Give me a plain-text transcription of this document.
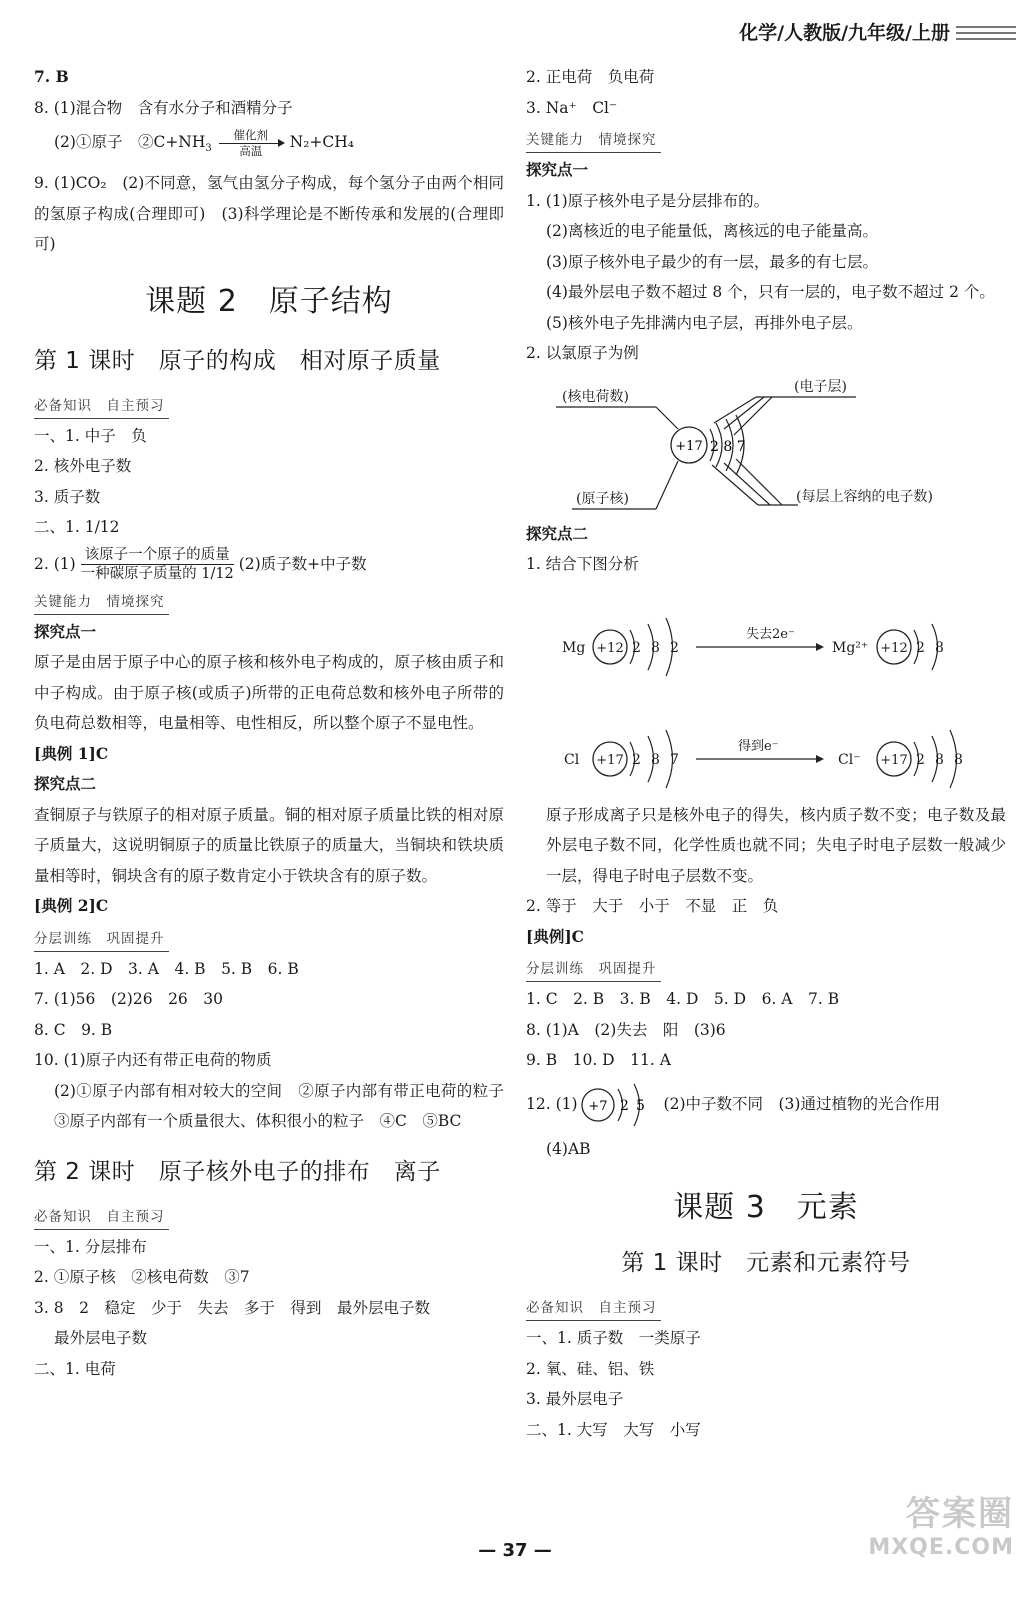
化学/人教版/九年级/上册
7. B
8. (1)混合物　含有水分子和酒精分子
(2)①原子　$②C+NH_3$
催化剂
高温	N₂+CH₄
9. (1)CO₂　(2)不同意，氢气由氢分子构成，每个氢分子由两个相同的氢原子构成(合理即可)　(3)科学理论是不断传承和发展的(合理即可)
课题 2　原子结构
第 1 课时　原子的构成　相对原子质量
必备知识　自主预习
一、1. 中子　负
2. 核外电子数
3. 质子数
二、1. 1/12
2. $(1) \frac{\text{该原子一个原子的质量}}{\text{一种碳原子质量的 1/12}} (2)$质子数+中子数
关键能力　情境探究
探究点一
原子是由居于原子中心的原子核和核外电子构成的，原子核由质子和中子构成。由于原子核(或质子)所带的正电荷总数和核外电子所带的负电荷总数相等，电量相等、电性相反，所以整个原子不显电性。
[典例 1]C
探究点二
查铜原子与铁原子的相对原子质量。铜的相对原子质量比铁的相对原子质量大，这说明铜原子的质量比铁原子的质量大，当铜块和铁块质量相等时，铜块含有的原子数肯定小于铁块含有的原子数。
[典例 2]C
分层训练　巩固提升
1. A　2. D　3. A　4. B　5. B　6. B
7. (1)56　(2)26　26　30
8. C　9. B
10. (1)原子内还有带正电荷的物质
(2)①原子内部有相对较大的空间　②原子内部有带正电荷的粒子　③原子内部有一个质量很大、体积很小的粒子　④C　⑤BC
第 2 课时　原子核外电子的排布　离子
必备知识　自主预习
一、1. 分层排布
2. ①原子核　②核电荷数　③7
3. 8　2　稳定　少于　失去　多于　得到　最外层电子数
最外层电子数
二、1. 电荷
2. 正电荷　负电荷
3. Na⁺　Cl⁻
关键能力　情境探究
探究点一
1. (1)原子核外电子是分层排布的。
(2)离核近的电子能量低，离核远的电子能量高。
(3)原子核外电子最少的有一层，最多的有七层。
(4)最外层电子数不超过 8 个，只有一层的，电子数不超过 2 个。
(5)核外电子先排满内电子层，再排外电子层。
2. 以氯原子为例
(核电荷数)
(电子层)
(原子核)	(每层上容纳的电子数)
+17 2 8 7
探究点二
1. 结合下图分析
Mg +12 2 8 2
失去2e⁻
Mg²⁺ +12 2 8
Cl +17 2 8 7
得到e⁻
Cl⁻ +17 2 8 8
原子形成离子只是核外电子的得失，核内质子数不变；电子数及最外层电子数不同，化学性质也就不同；失电子时电子层数一般减少一层，得电子时电子层数不变。
2. 等于　大于　小于　不显　正　负
[典例]C
分层训练　巩固提升
1. C　2. B　3. B　4. D　5. D　6. A　7. B
8. (1)A　(2)失去　阳　(3)6
9. B　10. D　11. A
12. (1) +7 2 5 (2)中子数不同　(3)通过植物的光合作用
(4)AB
课题 3　元素
第 1 课时　元素和元素符号
必备知识　自主预习
一、1. 质子数　一类原子
2. 氧、硅、铝、铁
3. 最外层电子
二、1. 大写　大写　小写
— 37 —
答案圈
MXQE.COM
